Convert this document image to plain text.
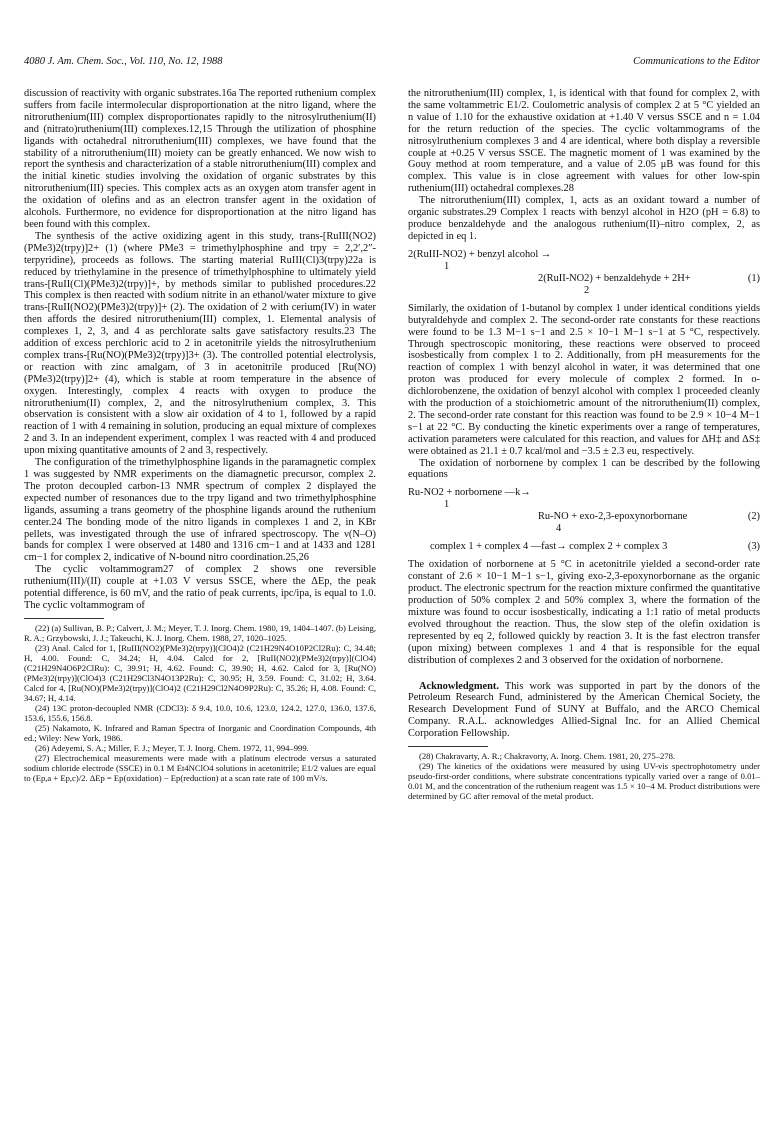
4080 J. Am. Chem. Soc., Vol. 110, No. 12, 1988	Communications to the Editor

discussion of reactivity with organic substrates.16a The reported ruthenium complex suffers from facile intermolecular disproportionation at the nitro ligand, where the nitroruthenium(III) complex disproportionates rapidly to the nitrosylruthenium(II) and (nitrato)ruthenium(III) complexes.12,15 Through the utilization of phosphine ligands with octahedral nitroruthenium(III) complexes, we have found that the stability of a nitroruthenium(III) moiety can be greatly enhanced. We now wish to report the synthesis and characterization of a stable nitroruthenium(III) complex and the initial kinetic studies involving the oxidation of organic substrates by this nitroruthenium(III) species. This complex acts as an oxygen atom transfer agent in the oxidation of olefins and as an electron transfer agent in the oxidation of alcohols. Furthermore, no evidence for disproportionation at the nitro ligand has been found with this complex.

The synthesis of the active oxidizing agent in this study, trans-[RuIII(NO2)(PMe3)2(trpy)]2+ (1) (where PMe3 = trimethylphosphine and trpy = 2,2′,2″-terpyridine), proceeds as follows. The starting material RuIII(Cl)3(trpy)22a is reduced by triethylamine in the presence of trimethylphosphine to ultimately yield trans-[RuII(Cl)(PMe3)2(trpy)]+, by methods similar to published procedures.22 This complex is then reacted with sodium nitrite in an ethanol/water mixture to give trans-[RuII(NO2)(PMe3)2(trpy)]+ (2). The oxidation of 2 with cerium(IV) in water then affords the desired nitroruthenium(III) complex, 1. Elemental analysis of complexes 1, 2, 3, and 4 as perchlorate salts gave satisfactory results.23 The addition of excess perchloric acid to 2 in acetonitrile yields the nitrosylruthenium complex trans-[Ru(NO)(PMe3)2(trpy)]3+ (3). The controlled potential electrolysis, or reaction with zinc amalgam, of 3 in acetonitrile produced [Ru(NO)(PMe3)2(trpy)]2+ (4), which is stable at room temperature in the absence of oxygen. Interestingly, complex 4 reacts with oxygen to produce the nitroruthenium(II) complex, 2, and the nitrosylruthenium complex, 3. This observation is consistent with a slow air oxidation of 4 to 1, followed by a rapid reaction of 1 with 4 remaining in solution, producing an equal mixture of complexes 2 and 3. In an independent experiment, complex 1 was reacted with 4 and produced upon mixing quantitative amounts of 2 and 3, respectively.

The configuration of the trimethylphosphine ligands in the paramagnetic complex 1 was suggested by NMR experiments on the diamagnetic precursor, complex 2. The proton decoupled carbon-13 NMR spectrum of complex 2 displayed the expected number of resonances due to the trpy ligand and two trimethylphosphine ligands, assuming a trans geometry of the phosphine ligands around the ruthenium center.24 The bonding mode of the nitro ligands in complexes 1 and 2, in KBr pellets, was investigated through the use of infrared spectroscopy. The ν(N–O) bands for complex 1 were observed at 1480 and 1316 cm−1 and at 1433 and 1281 cm−1 for complex 2, indicative of N-bound nitro coordination.25,26

The cyclic voltammogram27 of complex 2 shows one reversible ruthenium(III)/(II) couple at +1.03 V versus SSCE, where the ΔEp, the peak potential difference, is 60 mV, and the ratio of peak currents, ipc/ipa, is equal to 1.0. The cyclic voltammogram of

(22) (a) Sullivan, B. P.; Calvert, J. M.; Meyer, T. J. Inorg. Chem. 1980, 19, 1404–1407. (b) Leising, R. A.; Grzybowski, J. J.; Takeuchi, K. J. Inorg. Chem. 1988, 27, 1020–1025.

(23) Anal. Calcd for 1, [RuIII(NO2)(PMe3)2(trpy)](ClO4)2 (C21H29N4O10P2Cl2Ru): C, 34.48; H, 4.00. Found: C, 34.24; H, 4.04. Calcd for 2, [RuII(NO2)(PMe3)2(trpy)](ClO4) (C21H29N4O6P2ClRu): C, 39.91; H, 4.62. Found: C, 39.90; H, 4.62. Calcd for 3, [Ru(NO)(PMe3)2(trpy)](ClO4)3 (C21H29Cl3N4O13P2Ru): C, 30.95; H, 3.59. Found: C, 31.02; H, 3.64. Calcd for 4, [Ru(NO)(PMe3)2(trpy)](ClO4)2 (C21H29Cl2N4O9P2Ru): C, 35.26; H, 4.08. Found: C, 34.67; H, 4.14.

(24) 13C proton-decoupled NMR (CDCl3): δ 9.4, 10.0, 10.6, 123.0, 124.2, 127.0, 136.0, 137.6, 153.6, 155.6, 156.8.

(25) Nakamoto, K. Infrared and Raman Spectra of Inorganic and Coordination Compounds, 4th ed.; Wiley: New York, 1986.

(26) Adeyemi, S. A.; Miller, F. J.; Meyer, T. J. Inorg. Chem. 1972, 11, 994–999.

(27) Electrochemical measurements were made with a platinum electrode versus a saturated sodium chloride electrode (SSCE) in 0.1 M Et4NClO4 solutions in acetonitrile; E1/2 values are equal to (Ep,a + Ep,c)/2. ΔEp = Ep(oxidation) − Ep(reduction) at a scan rate rate of 100 mV/s.

the nitroruthenium(III) complex, 1, is identical with that found for complex 2, with the same voltammetric E1/2. Coulometric analysis of complex 2 at 5 °C yielded an n value of 1.10 for the exhaustive oxidation at +1.40 V versus SSCE and n = 1.04 for the return reduction of the species. The cyclic voltammograms of the nitrosylruthenium complexes 3 and 4 are identical, where both display a reversible couple at +0.25 V versus SSCE. The magnetic moment of 1 was examined by the Gouy method at room temperature, and a value of 2.05 μB was found for this complex. This value is in close agreement with values for other low-spin ruthenium(III) octahedral complexes.28

The nitroruthenium(III) complex, 1, acts as an oxidant toward a number of organic substrates.29 Complex 1 reacts with benzyl alcohol in H2O (pH = 6.8) to produce benzaldehyde and the analogous ruthenium(II)–nitro complex, 2, as depicted in eq 1.

2(RuIII-NO2) + benzyl alcohol →
1
2(RuII-NO2) + benzaldehyde + 2H+	(1)
2

Similarly, the oxidation of 1-butanol by complex 1 under identical conditions yields butyraldehyde and complex 2. The second-order rate constants for these reactions were found to be 1.3 M−1 s−1 and 2.5 × 10−1 M−1 s−1 at 5 °C, respectively. Through spectroscopic monitoring, these reactions were observed to proceed isosbestically from complex 1 to 2. Additionally, from pH measurements for the reaction of complex 1 with benzyl alcohol in water, it was determined that one proton was produced for every molecule of complex 2 formed. In o-dichlorobenzene, the oxidation of benzyl alcohol with complex 1 proceeded cleanly with the production of a stoichiometric amount of the nitroruthenium(II) complex, 2. The second-order rate constant for this reaction was found to be 2.9 × 10−4 M−1 s−1 at 22 °C. By conducting the kinetic experiments over a range of temperatures, activation parameters were calculated for this reaction, and values for ΔH‡ and ΔS‡ were obtained as 21.1 ± 0.7 kcal/mol and −3.5 ± 2.3 eu, respectively.

The oxidation of norbornene by complex 1 can be described by the following equations

Ru-NO2 + norbornene —k→
1
Ru-NO + exo-2,3-epoxynorbornane	(2)
4
complex 1 + complex 4 —fast→ complex 2 + complex 3	(3)

The oxidation of norbornene at 5 °C in acetonitrile yielded a second-order rate constant of 2.6 × 10−1 M−1 s−1, giving exo-2,3-epoxynorbornane as the organic product. The electronic spectrum for the reaction mixture confirmed the quantitative production of 50% complex 2 and 50% complex 3, where the formation of the mixture was found to occur isosbestically, indicating a 1:1 ratio of metal products evolved throughout the reaction. Thus, the slow step of the olefin oxidation is represented by eq 2, followed quickly by reaction 3. It is the fast electron transfer (upon mixing) between complexes 1 and 4 that is responsible for the equal distribution of complexes 2 and 3 observed for the oxidation of norbornene.

Acknowledgment. This work was supported in part by the donors of the Petroleum Research Fund, administered by the American Chemical Society, the Research Development Fund of SUNY at Buffalo, and the ARCO Chemical Company. R.A.L. acknowledges Allied-Signal Inc. for an Allied Chemical Corporation Fellowship.

(28) Chakravarty, A. R.; Chakravorty, A. Inorg. Chem. 1981, 20, 275–278.

(29) The kinetics of the oxidations were measured by using UV-vis spectrophotometry under pseudo-first-order conditions, where substrate concentrations typically varied over a range of 0.01–0.01 M, and the concentration of the ruthenium reagent was 1.5 × 10−4 M. Product distributions were determined by GC after removal of the metal product.
